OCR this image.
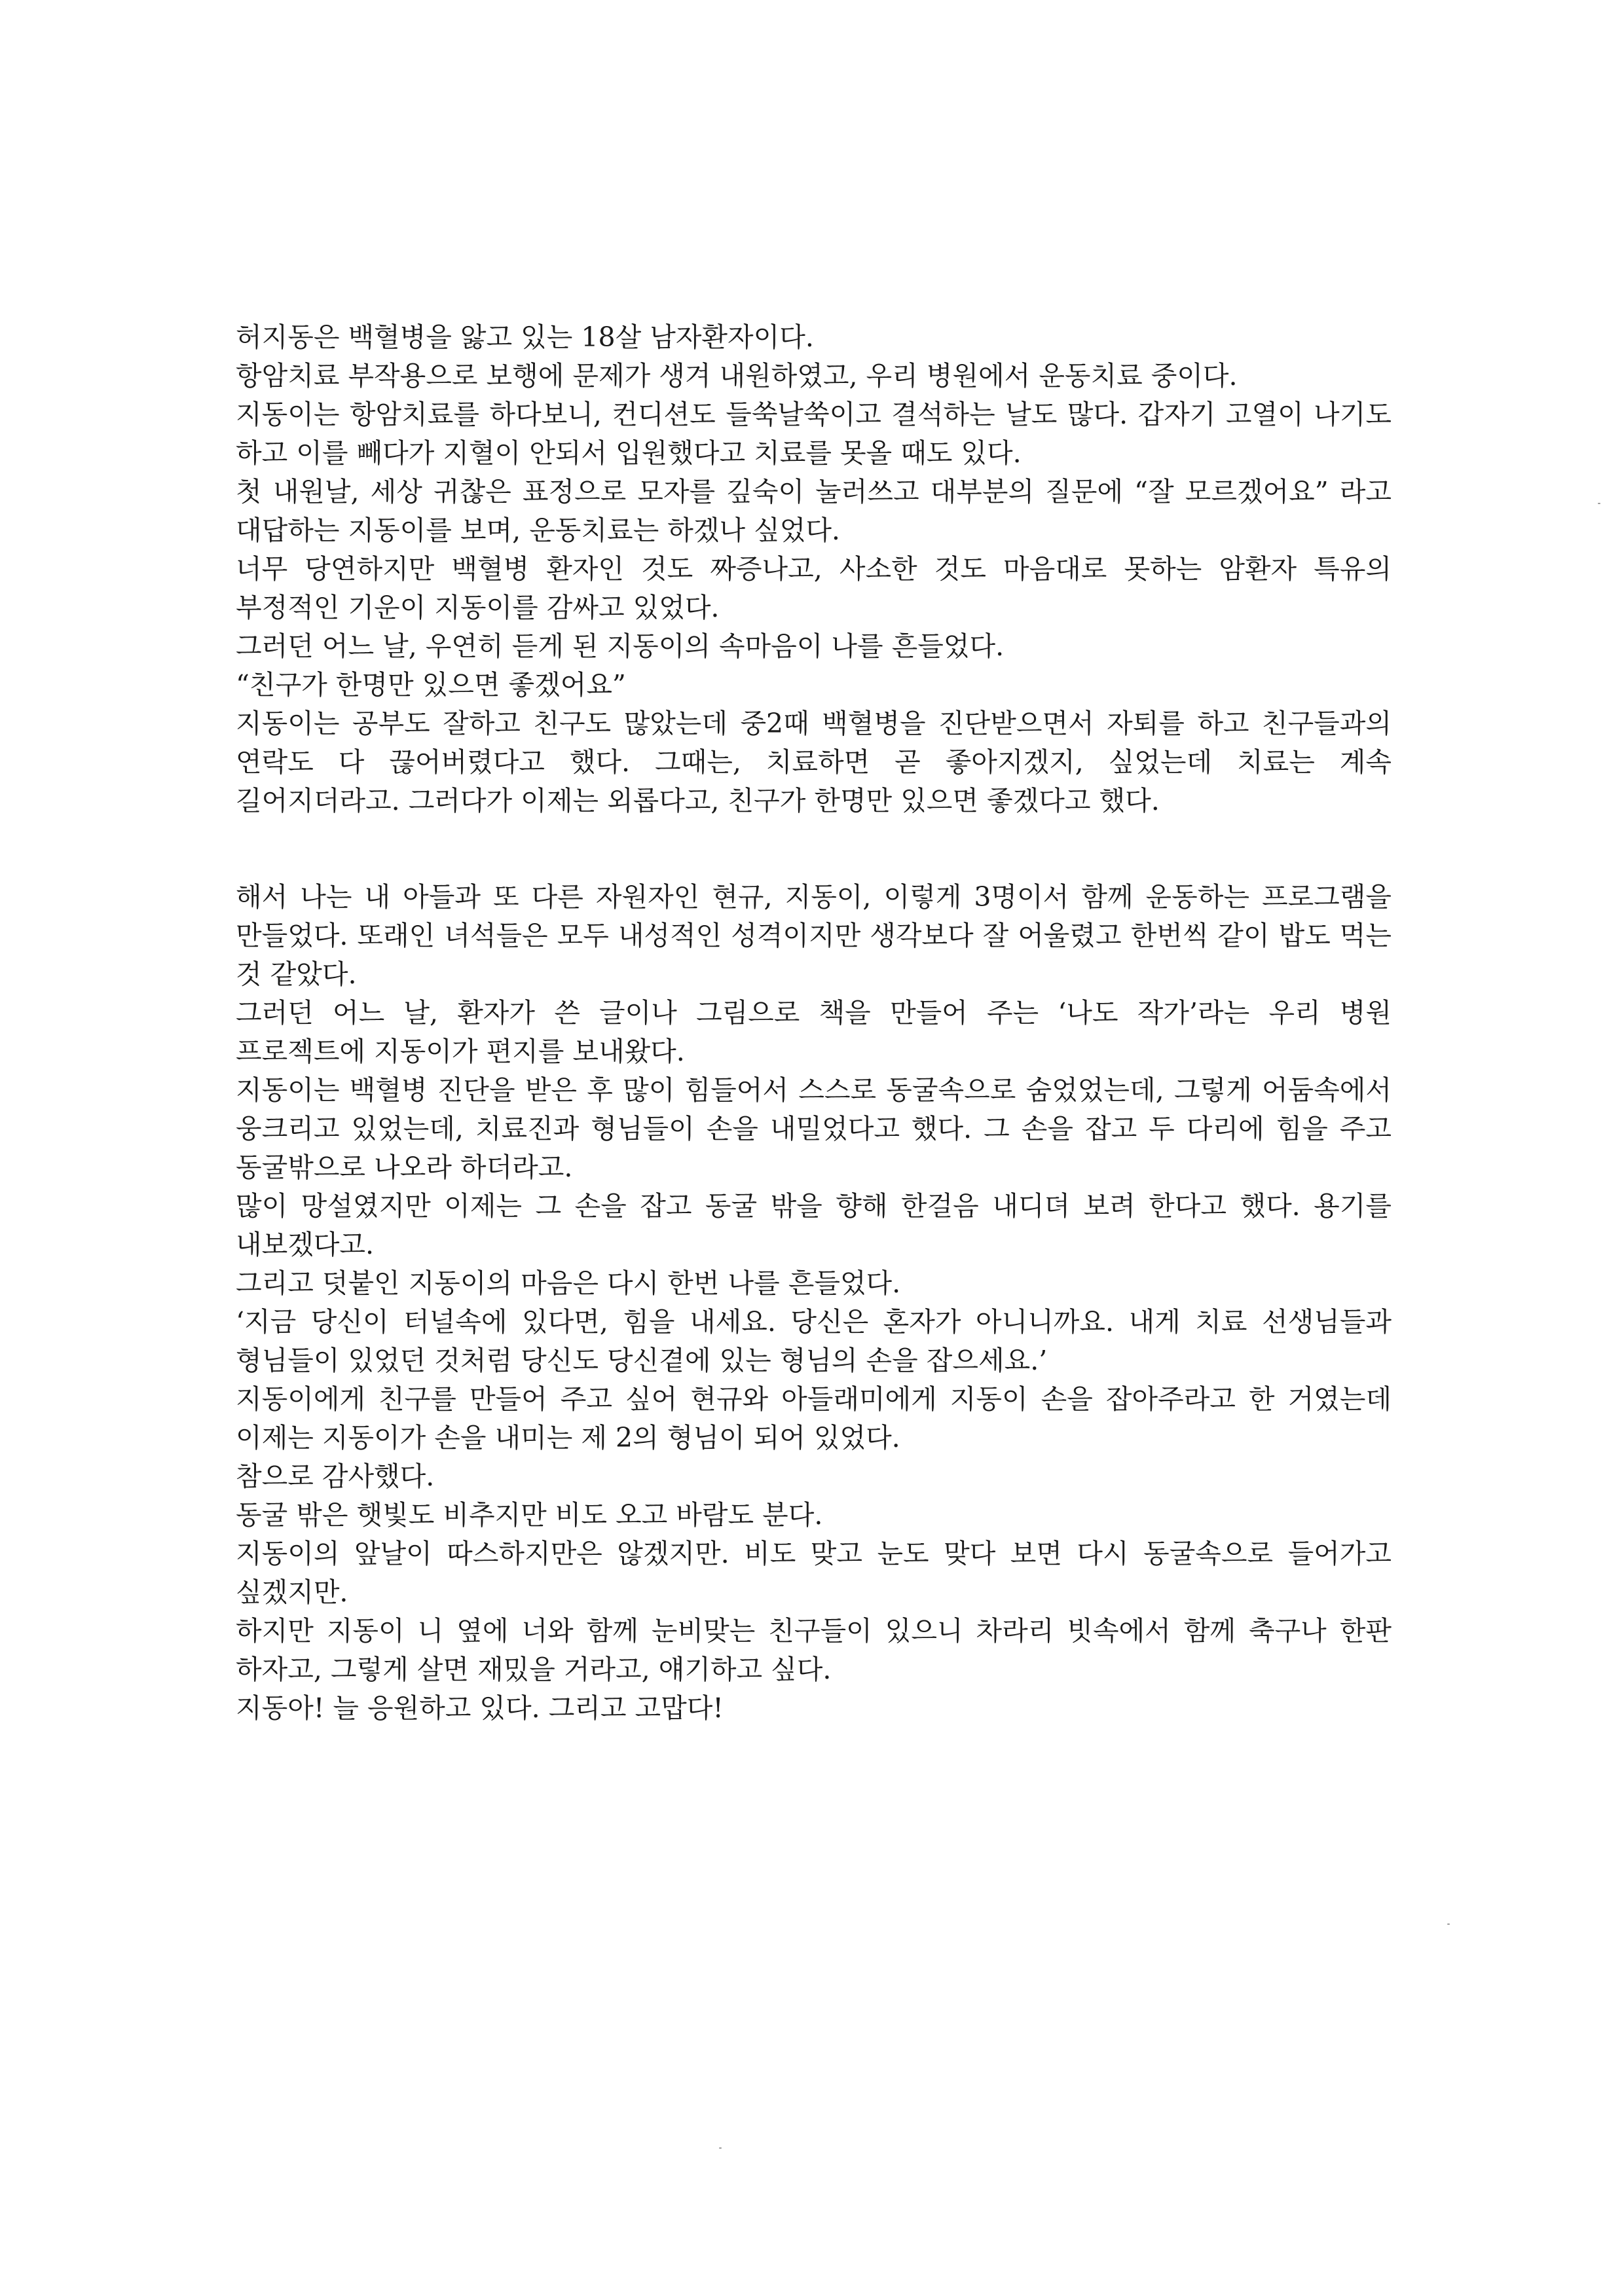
허지동은 백혈병을 앓고 있는 18살 남자환자이다.

항암치료 부작용으로 보행에 문제가 생겨 내원하였고, 우리 병원에서 운동치료 중이다.

지동이는 항암치료를 하다보니, 컨디션도 들쑥날쑥이고 결석하는 날도 많다. 갑자기 고열이 나기도 하고 이를 빼다가 지혈이 안되서 입원했다고 치료를 못올 때도 있다.

첫 내원날, 세상 귀찮은 표정으로 모자를 깊숙이 눌러쓰고 대부분의 질문에 “잘 모르겠어요” 라고 대답하는 지동이를 보며, 운동치료는 하겠나 싶었다.

너무 당연하지만 백혈병 환자인 것도 짜증나고, 사소한 것도 마음대로 못하는 암환자 특유의 부정적인 기운이 지동이를 감싸고 있었다.

그러던 어느 날, 우연히 듣게 된 지동이의 속마음이 나를 흔들었다.

“친구가 한명만 있으면 좋겠어요”

지동이는 공부도 잘하고 친구도 많았는데 중2때 백혈병을 진단받으면서 자퇴를 하고 친구들과의 연락도 다 끊어버렸다고 했다. 그때는, 치료하면 곧 좋아지겠지, 싶었는데 치료는 계속 길어지더라고. 그러다가 이제는 외롭다고, 친구가 한명만 있으면 좋겠다고 했다.

해서 나는 내 아들과 또 다른 자원자인 현규, 지동이, 이렇게 3명이서 함께 운동하는 프로그램을 만들었다. 또래인 녀석들은 모두 내성적인 성격이지만 생각보다 잘 어울렸고 한번씩 같이 밥도 먹는 것 같았다.

그러던 어느 날, 환자가 쓴 글이나 그림으로 책을 만들어 주는 ‘나도 작가’라는 우리 병원 프로젝트에 지동이가 편지를 보내왔다.

지동이는 백혈병 진단을 받은 후 많이 힘들어서 스스로 동굴속으로 숨었었는데, 그렇게 어둠속에서 웅크리고 있었는데, 치료진과 형님들이 손을 내밀었다고 했다. 그 손을 잡고 두 다리에 힘을 주고 동굴밖으로 나오라 하더라고.

많이 망설였지만 이제는 그 손을 잡고 동굴 밖을 향해 한걸음 내디뎌 보려 한다고 했다. 용기를 내보겠다고.

그리고 덧붙인 지동이의 마음은 다시 한번 나를 흔들었다.

‘지금 당신이 터널속에 있다면, 힘을 내세요. 당신은 혼자가 아니니까요. 내게 치료 선생님들과 형님들이 있었던 것처럼 당신도 당신곁에 있는 형님의 손을 잡으세요.’

지동이에게 친구를 만들어 주고 싶어 현규와 아들래미에게 지동이 손을 잡아주라고 한 거였는데 이제는 지동이가 손을 내미는 제 2의 형님이 되어 있었다.

참으로 감사했다.

동굴 밖은 햇빛도 비추지만 비도 오고 바람도 분다.

지동이의 앞날이 따스하지만은 않겠지만. 비도 맞고 눈도 맞다 보면 다시 동굴속으로 들어가고 싶겠지만.

하지만 지동이 니 옆에 너와 함께 눈비맞는 친구들이 있으니 차라리 빗속에서 함께 축구나 한판 하자고, 그렇게 살면 재밌을 거라고, 얘기하고 싶다.

지동아! 늘 응원하고 있다. 그리고 고맙다!
